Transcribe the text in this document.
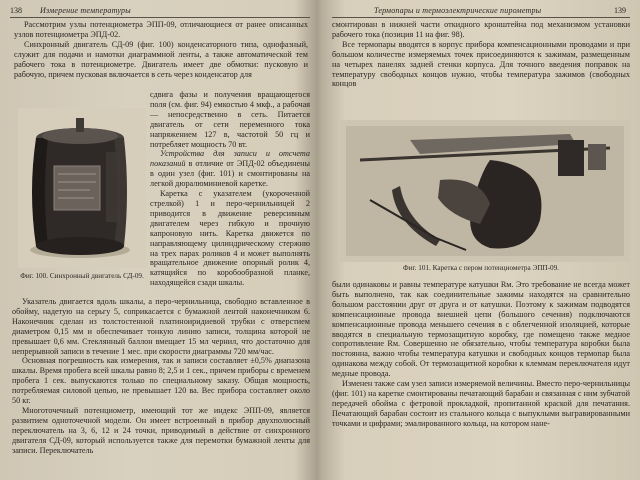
138 Измерение температуры

Рассмотрим узлы потенциометра ЭПП-09, отличающиеся от ранее описанных узлов потенциометра ЭПД-02.

Синхронный двигатель СД-09 (фиг. 100) конденсаторного типа, однофазный, служит для подачи и намотки диаграммной ленты, а также автоматической тем рабочего тока в потенциометре. Двигатель имеет две обмотки: пусковую и рабочую, причем пусковая включается в сеть через конденсатор для

Фиг. 100. Синхронный двигатель СД-09.

сдвига фазы и получения вращающегося поля (см. фиг. 94) емкостью 4 мкф., а рабочая — непосредственно в сеть. Питается двигатель от сети переменного тока напряжением 127 в, частотой 50 гц и потребляет мощность 70 вт.

Устройства для записи и отсчета показаний в отличие от ЭПД-02 объединены в один узел (фиг. 101) и смонтированы на легкой дюралюминиевой каретке.

Каретка с указателем (укороченной стрелкой) 1 и перо-чернильницей 2 приводится в движение реверсивным двигателем через гибкую и прочную капроновую нить. Каретка движется по направляющему цилиндрическому стержню на трех парах роликов 4 и может выполнять вращательное движение опорный ролик 4, катящийся по коробообразной планке, находящейся сзади шкалы.

Указатель двигается вдоль шкалы, а перо-чернильница, свободно вставленное в обойму, надетую на серьгу 5, соприкасается с бумажной лентой наконечником 6. Наконечник сделан из толстостенной платиноиридиевой трубки с отверстием диаметром 0,15 мм и обеспечивает тонкую линию записи, толщина которой не превышает 0,6 мм. Стеклянный баллон вмещает 15 мл чернил, что достаточно для непрерывной записи в течение 1 мес. при скорости диаграммы 720 мм/час.

Основная погрешность как измерения, так и записи составляет ±0,5% диапазона шкалы. Время пробега всей шкалы равно 8; 2,5 и 1 сек., причем приборы с временем пробега 1 сек. выпускаются только по специальному заказу. Общая мощность, потребляемая силовой цепью, не превышает 120 ва. Вес прибора составляет около 50 кг.

Многоточечный потенциометр, имеющий тот же индекс ЭПП-09, является развитием одноточечной модели. Он имеет встроенный в прибор двухполюсный переключатель на 3, 6, 12 и 24 точки, приводимый в действие от синхронного двигателя СД-09, который используется также для перемотки бумажной ленты для записи. Переключатель

Термопары и термоэлектрические пирометры	139

смонтирован в нижней части откидного кронштейна под механизмом установки рабочего тока (позиция 11 на фиг. 98).

Все термопары вводятся в корпус прибора компенсационными проводами и при большом количестве измеряемых точек присоединяются к зажимам, размещенным на четырех панелях задней стенки корпуса. Для точного введения поправок на температуру свободных концов нужно, чтобы температура зажимов (свободных концов

Фиг. 101. Каретка с пером потенциометра ЭПП-09.

были одинаковы и равны температуре катушки Rм. Это требование не всегда может быть выполнено, так как соединительные зажимы находятся на сравнительно большом расстоянии друг от друга и от катушки. Поэтому к зажимам подводятся компенсационные провода внешней цепи (большого сечения) подключаются компенсационные провода меньшего сечения в с облегченной изоляцией, которые вводятся в специальную термозащитную коробку, где помещено также медное сопротивление Rм. Совершенно не обязательно, чтобы температура коробки была постоянна, важно чтобы температура катушки и свободных концов термопар была одинакова между собой. От термозащитной коробки к клеммам переключателя идут медные провода.

Изменен также сам узел записи измеряемой величины. Вместо перо-чернильницы (фиг. 101) на каретке смонтированы печатающий барабан и связанная с ним зубчатой передачей обойма с фетровой прокладкой, пропитанной краской для печатания. Печатающий барабан состоит из стального кольца с выпуклыми выгравированными точками и цифрами; эмалированного кольца, на котором нане-
